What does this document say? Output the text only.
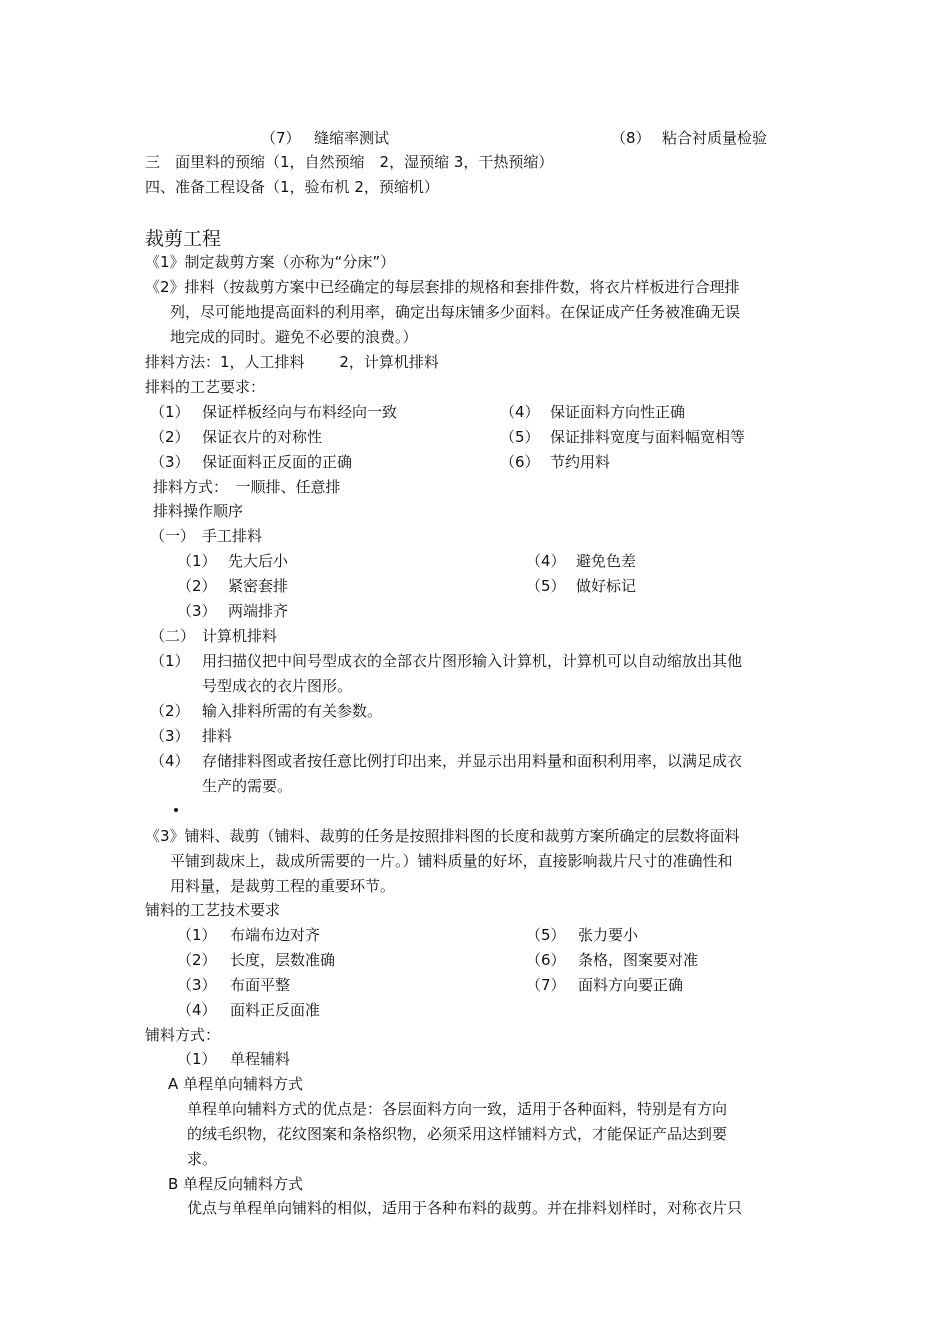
（7） 缝缩率测试	（8） 粘合衬质量检验
三　面里料的预缩（1，自然预缩　2，湿预缩 3，干热预缩）
四、准备工程设备（1，验布机 2，预缩机）
裁剪工程
《1》制定裁剪方案（亦称为“分床”）
《2》排料（按裁剪方案中已经确定的每层套排的规格和套排件数，将衣片样板进行合理排
列，尽可能地提高面料的利用率，确定出每床铺多少面料。在保证成产任务被准确无误
地完成的同时。避免不必要的浪费。）
排料方法：1，人工排料　　 2，计算机排料
排料的工艺要求：
（1） 保证样板经向与布料经向一致
（2） 保证衣片的对称性
（3） 保证面料正反面的正确
（4） 保证面料方向性正确
（5） 保证排料宽度与面料幅宽相等
（6） 节约用料
排料方式：　一顺排、任意排
排料操作顺序
（一） 手工排料
（1） 先大后小
（2） 紧密套排
（3） 两端排齐
（4） 避免色差
（5） 做好标记
（二） 计算机排料
（1） 用扫描仪把中间号型成衣的全部衣片图形输入计算机，计算机可以自动缩放出其他
号型成衣的衣片图形。
（2） 输入排料所需的有关参数。
（3） 排料
（4） 存储排料图或者按任意比例打印出来，并显示出用料量和面积利用率，以满足成衣
生产的需要。
《3》铺料、裁剪（铺料、裁剪的任务是按照排料图的长度和裁剪方案所确定的层数将面料
平铺到裁床上，裁成所需要的一片。）铺料质量的好坏，直接影响裁片尺寸的准确性和
用料量，是裁剪工程的重要环节。
铺料的工艺技术要求
（1） 布端布边对齐
（2） 长度，层数准确
（3） 布面平整
（4） 面料正反面准
（5） 张力要小
（6） 条格，图案要对准
（7） 面料方向要正确
铺料方式：
（1） 单程辅料
A 单程单向辅料方式
单程单向辅料方式的优点是：各层面料方向一致，适用于各种面料，特别是有方向
的绒毛织物，花纹图案和条格织物，必须采用这样铺料方式，才能保证产品达到要
求。
B 单程反向辅料方式
优点与单程单向铺料的相似，适用于各种布料的裁剪。并在排料划样时，对称衣片只
